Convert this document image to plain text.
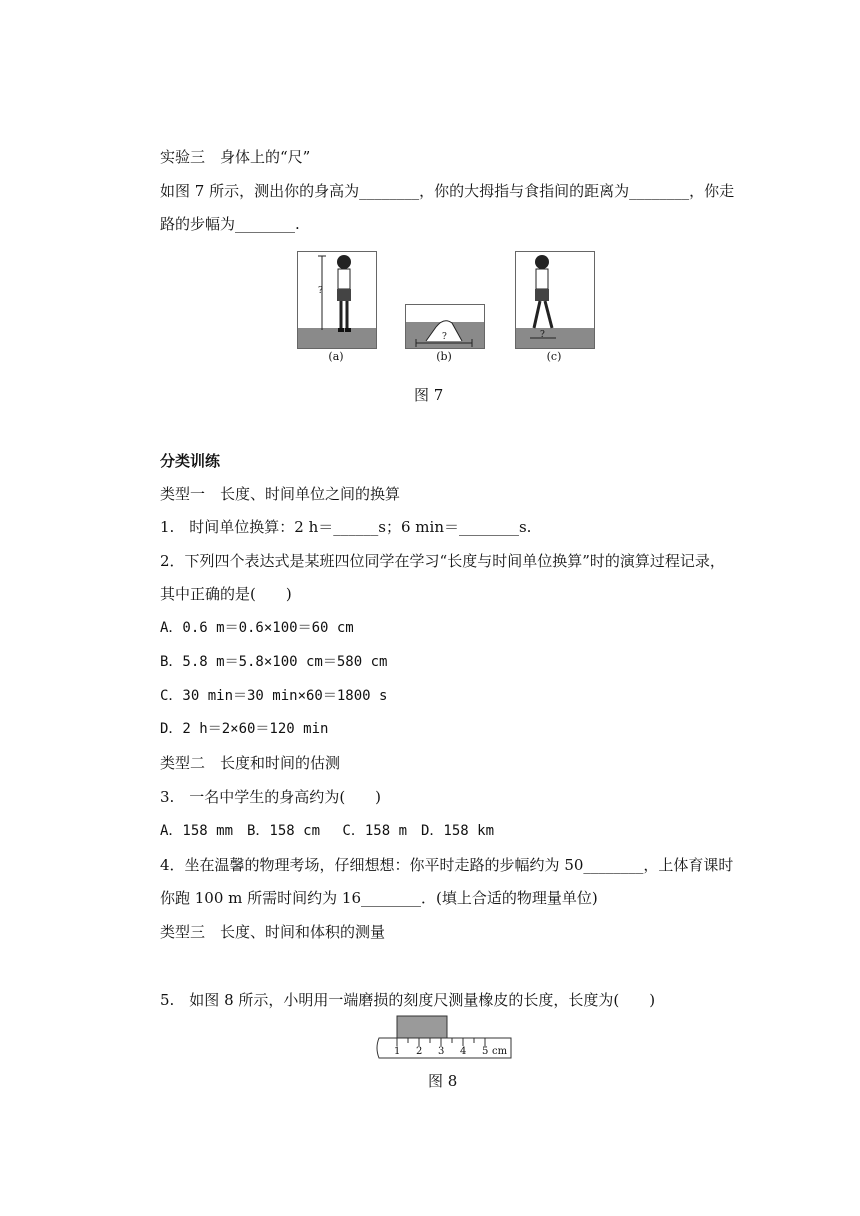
实验三　身体上的“尺”
如图 7 所示，测出你的身高为________，你的大拇指与食指间的距离为________，你走
路的步幅为________.
?
(a)
?
(b)
?
(c)
图 7
分类训练
类型一　长度、时间单位之间的换算
1.　时间单位换算：2 h＝______s；6 min＝________s.
2．下列四个表达式是某班四位同学在学习“长度与时间单位换算”时的演算过程记录，
其中正确的是(　　)
A．0.6 m＝0.6×100＝60 cm
B．5.8 m＝5.8×100 cm＝580 cm
C．30 min＝30 min×60＝1800 s
D．2 h＝2×60＝120 min
类型二　长度和时间的估测
3.　一名中学生的身高约为(　　)
A．158 mm　B．158 cm　 C．158 m　D．158 km
4．坐在温馨的物理考场，仔细想想：你平时走路的步幅约为 50________，上体育课时
你跑 100 m 所需时间约为 16________．(填上合适的物理量单位)
类型三　长度、时间和体积的测量
5.　如图 8 所示，小明用一端磨损的刻度尺测量橡皮的长度，长度为(　　)
1 2 3 4 5 cm
图 8
